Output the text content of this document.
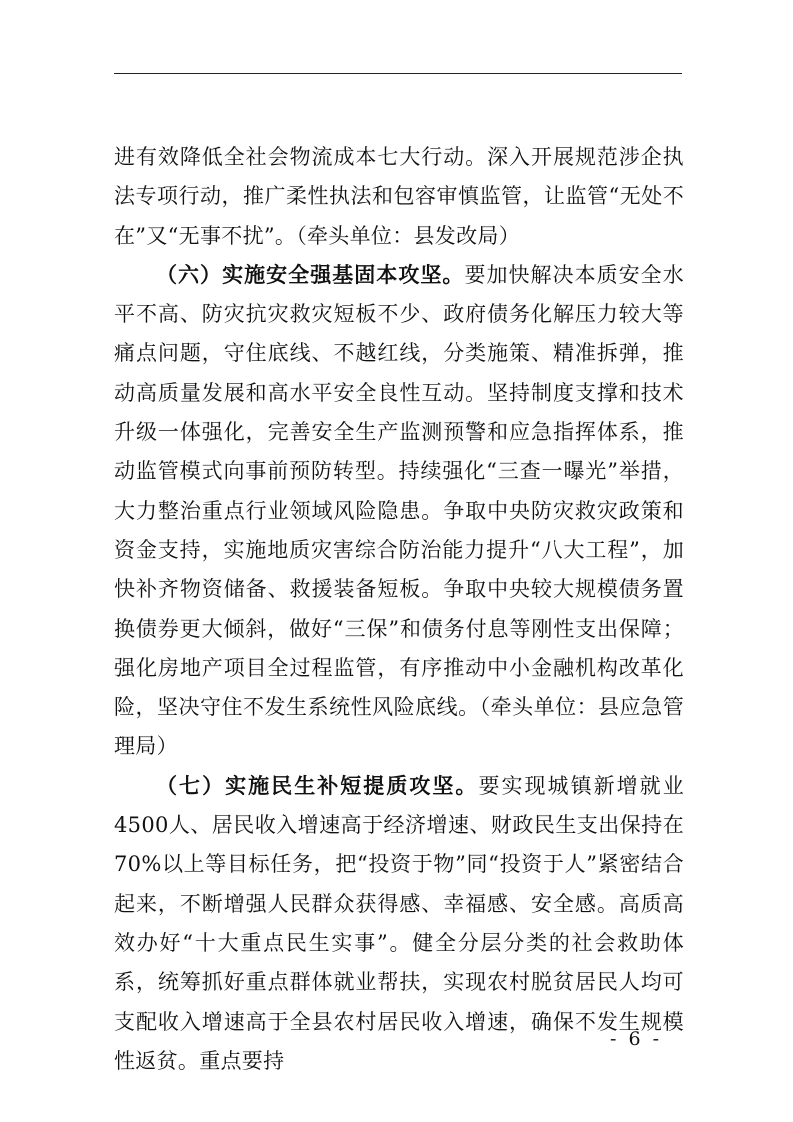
进有效降低全社会物流成本七大行动。深入开展规范涉企执法专项行动，推广柔性执法和包容审慎监管，让监管“无处不在”又“无事不扰”。（牵头单位：县发改局）

（六）实施安全强基固本攻坚。要加快解决本质安全水平不高、防灾抗灾救灾短板不少、政府债务化解压力较大等痛点问题，守住底线、不越红线，分类施策、精准拆弹，推动高质量发展和高水平安全良性互动。坚持制度支撑和技术升级一体强化，完善安全生产监测预警和应急指挥体系，推动监管模式向事前预防转型。持续强化“三查一曝光”举措，大力整治重点行业领域风险隐患。争取中央防灾救灾政策和资金支持，实施地质灾害综合防治能力提升“八大工程”，加快补齐物资储备、救援装备短板。争取中央较大规模债务置换债券更大倾斜，做好“三保”和债务付息等刚性支出保障；强化房地产项目全过程监管，有序推动中小金融机构改革化险，坚决守住不发生系统性风险底线。（牵头单位：县应急管理局）

（七）实施民生补短提质攻坚。要实现城镇新增就业4500人、居民收入增速高于经济增速、财政民生支出保持在70%以上等目标任务，把“投资于物”同“投资于人”紧密结合起来，不断增强人民群众获得感、幸福感、安全感。高质高效办好“十大重点民生实事”。健全分层分类的社会救助体系，统筹抓好重点群体就业帮扶，实现农村脱贫居民人均可支配收入增速高于全县农村居民收入增速，确保不发生规模性返贫。重点要持

- 6 -
